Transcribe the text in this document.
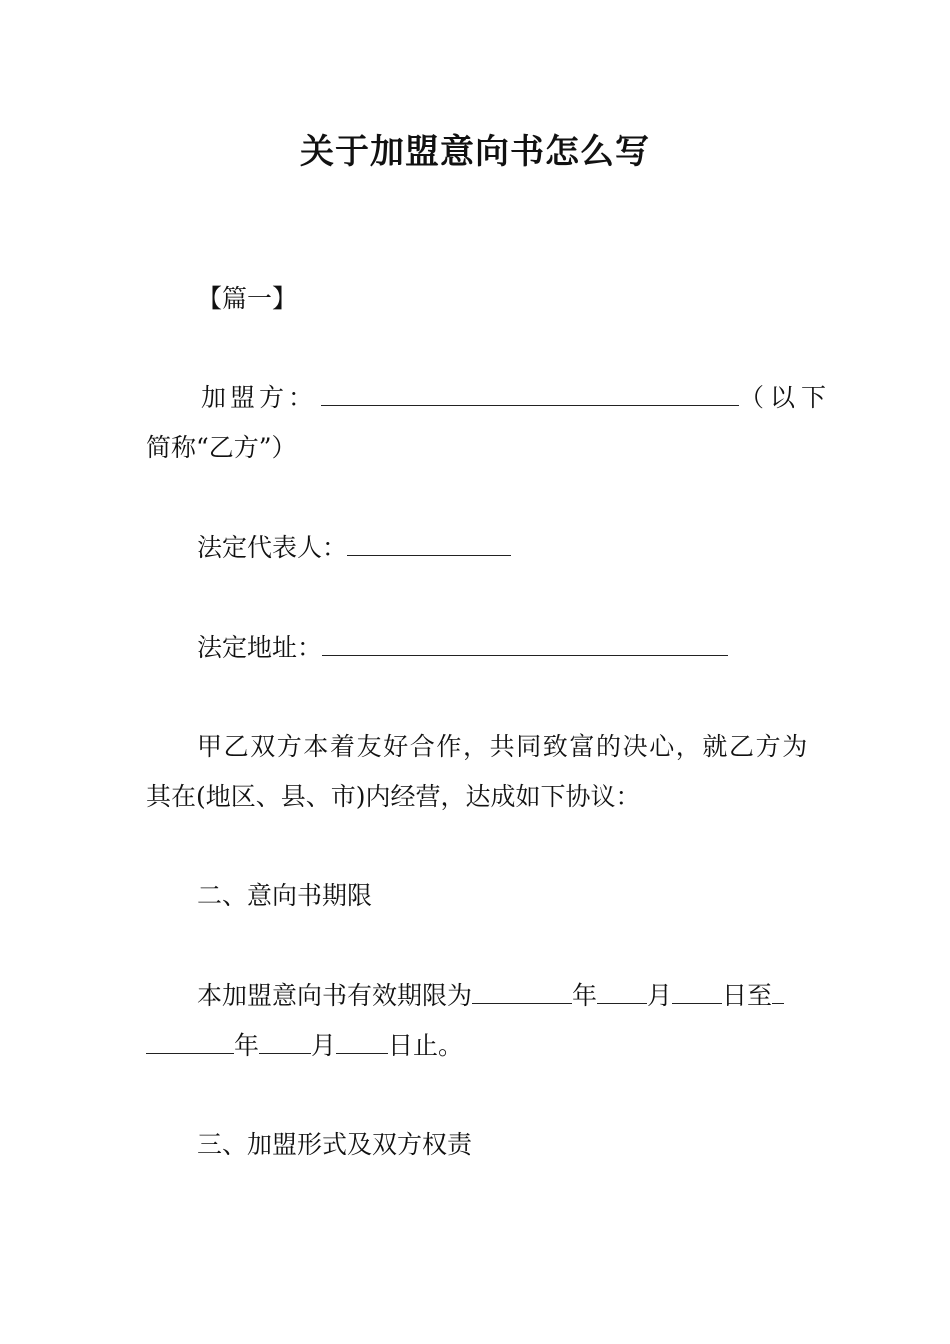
关于加盟意向书怎么写
【篇一】
加盟方：	（以下
简称“乙方”）
法定代表人：
法定地址：
甲乙双方本着友好合作，共同致富的决心，就乙方为
其在(地区、县、市)内经营，达成如下协议：
二、意向书期限
本加盟意向书有效期限为	年 月 日至
年 月 日止。
三、加盟形式及双方权责
